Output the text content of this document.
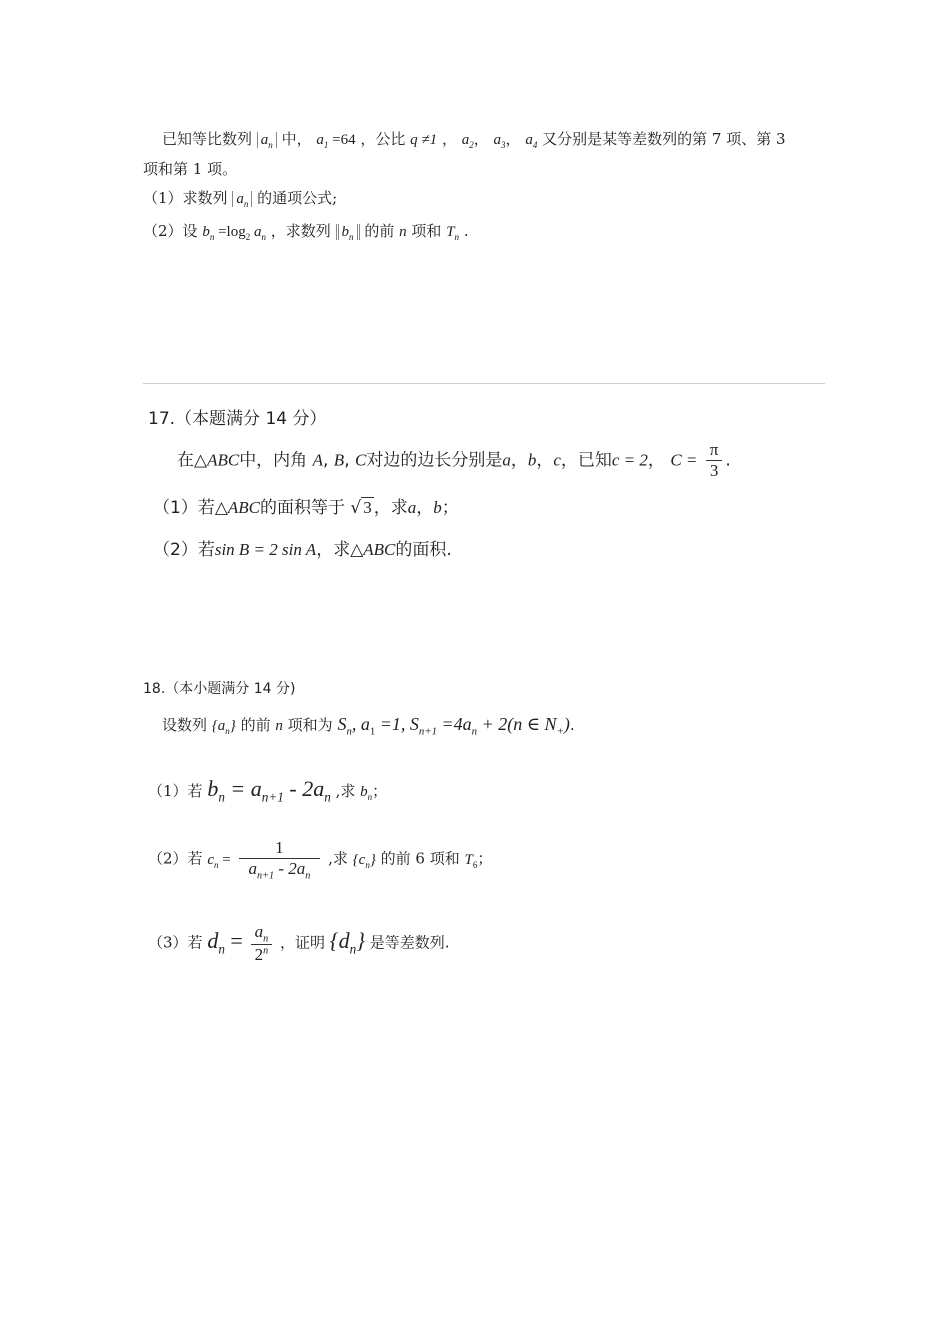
已知等比数列 $a_n$ 中， $a_1 =64$ ，公比 q ≠1 ， $a_2$， $a_3$， $a_4$ 又分别是某等差数列的第 7 项、第 3
项和第 1 项。
（1）求数列 $a_n$ 的通项公式;
（2）设 $b_n =\log_2$ $a_n$ ，求数列 $b_n$ 的前 n 项和 $T_n$ .
17.（本题满分 14 分）
在△ABC中，内角 A, B, C对边的边长分别是a，b，c，已知c = 2， $C = \frac{\pi}{3}$ .
（1）若△ABC的面积等于 √ 3 ，求a，b；
（2）若sin B = 2 sin A，求△ABC的面积.
18.（本小题满分 14 分)
设数列 $\{a_n\}$ 的前 n 项和为 $S_n$, $a_1 =1$, $S_{n+1} =4a_n + 2(n$ ∈ $N_+$).
（1）若 $b_n = a_{n+1} - 2a_n$ ,求 $b_n$；
（2）若 $c_n = \frac{1}{a_{n+1} - 2a_n}$ ,求 $\{c_n\}$ 的前 6 项和 $T_6$；
（3）若 $d_n = \frac{a_n}{2^n}$ ，证明 $\{d_n\}$ 是等差数列.
